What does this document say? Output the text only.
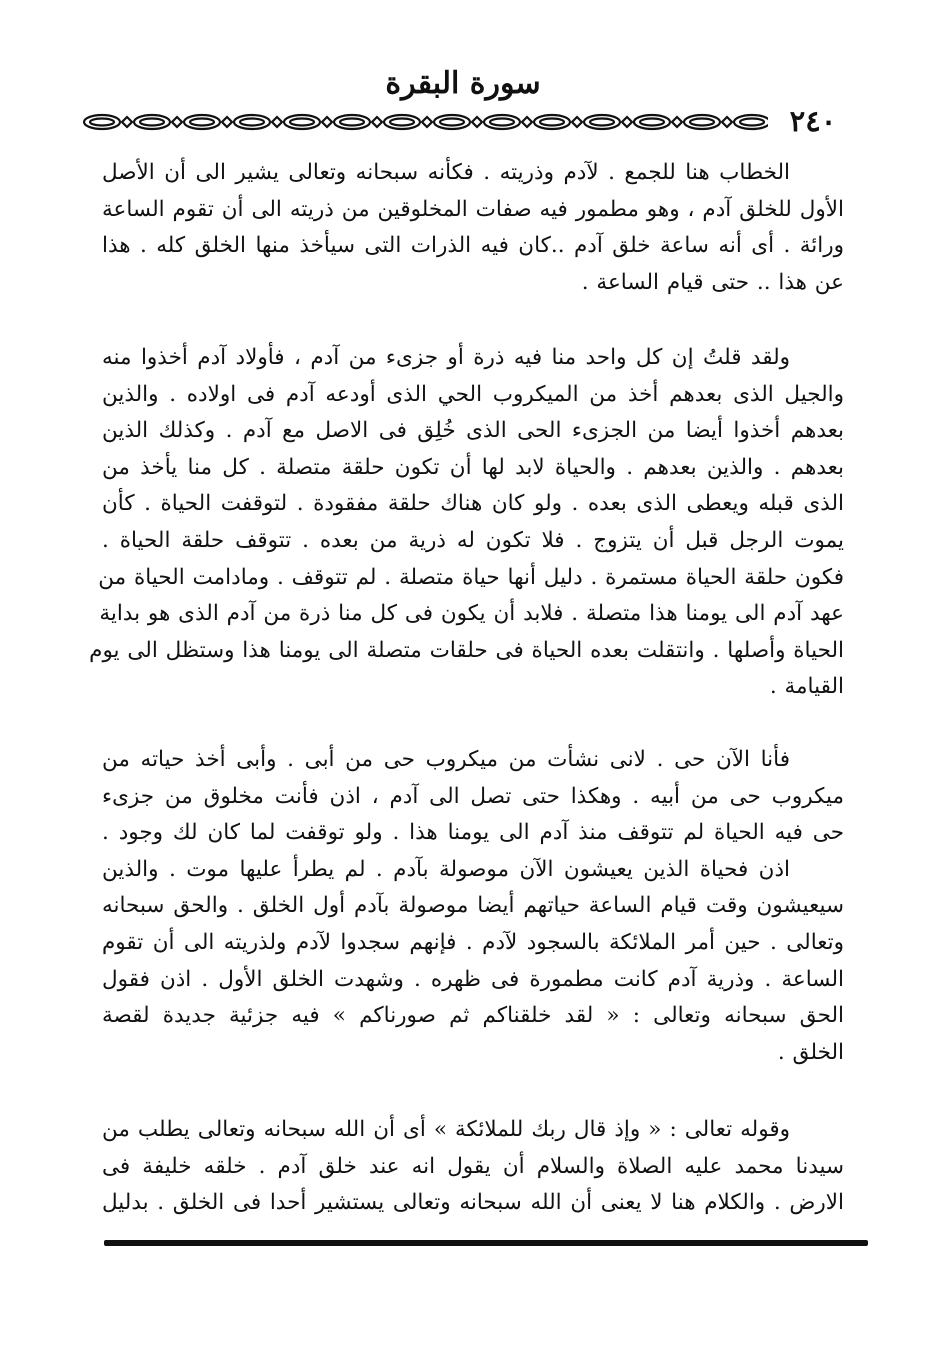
سورة البقرة
٢٤٠
الخطاب هنا للجمع . لآدم وذريته . فكأنه سبحانه وتعالى يشير الى أن الأصل
الأول للخلق آدم ، وهو مطمور فيه صفات المخلوقين من ذريته الى أن تقوم الساعة
ورائة . أى أنه ساعة خلق آدم ..كان فيه الذرات التى سيأخذ منها الخلق كله . هذا
عن هذا .. حتى قيام الساعة .
ولقد قلتُ إن كل واحد منا فيه ذرة أو جزىء من آدم ، فأولاد آدم أخذوا منه
والجيل الذى بعدهم أخذ من الميكروب الحي الذى أودعه آدم فى اولاده . والذين
بعدهم أخذوا أيضا من الجزىء الحى الذى خُلِق فى الاصل مع آدم . وكذلك الذين
بعدهم . والذين بعدهم . والحياة لابد لها أن تكون حلقة متصلة . كل منا يأخذ من
الذى قبله ويعطى الذى بعده . ولو كان هناك حلقة مفقودة . لتوقفت الحياة . كأن
يموت الرجل قبل أن يتزوج . فلا تكون له ذرية من بعده . تتوقف حلقة الحياة .
فكون حلقة الحياة مستمرة . دليل أنها حياة متصلة . لم تتوقف . ومادامت الحياة من
عهد آدم الى يومنا هذا متصلة . فلابد أن يكون فى كل منا ذرة من آدم الذى هو بداية
الحياة وأصلها . وانتقلت بعده الحياة فى حلقات متصلة الى يومنا هذا وستظل الى يوم
القيامة .
فأنا الآن حى . لانى نشأت من ميكروب حى من أبى . وأبى أخذ حياته من
ميكروب حى من أبيه . وهكذا حتى تصل الى آدم ، اذن فأنت مخلوق من جزىء
حى فيه الحياة لم تتوقف منذ آدم الى يومنا هذا . ولو توقفت لما كان لك وجود .
اذن فحياة الذين يعيشون الآن موصولة بآدم . لم يطرأ عليها موت . والذين
سيعيشون وقت قيام الساعة حياتهم أيضا موصولة بآدم أول الخلق . والحق سبحانه
وتعالى . حين أمر الملائكة بالسجود لآدم . فإنهم سجدوا لآدم ولذريته الى أن تقوم
الساعة . وذرية آدم كانت مطمورة فى ظهره . وشهدت الخلق الأول . اذن فقول
الحق سبحانه وتعالى : « لقد خلقناكم ثم صورناكم » فيه جزئية جديدة لقصة
الخلق .
وقوله تعالى : « وإذ قال ربك للملائكة » أى أن الله سبحانه وتعالى يطلب من
سيدنا محمد عليه الصلاة والسلام أن يقول انه عند خلق آدم . خلقه خليفة فى
الارض . والكلام هنا لا يعنى أن الله سبحانه وتعالى يستشير أحدا فى الخلق . بدليل
